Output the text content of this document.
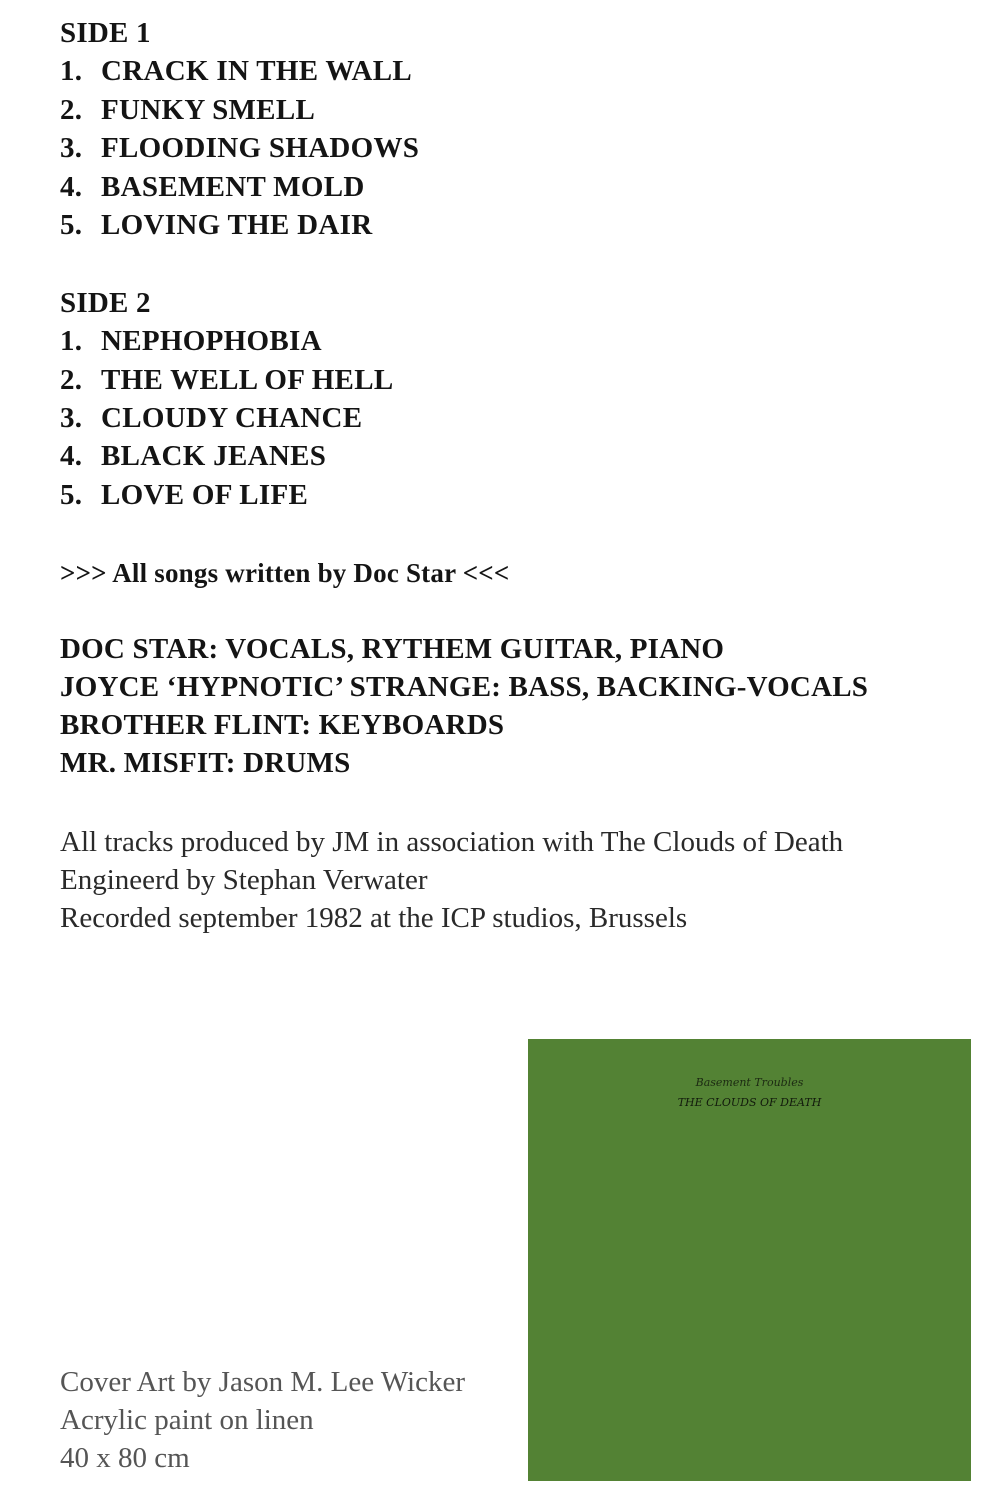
SIDE 1

1. CRACK IN THE WALL

2. FUNKY SMELL

3. FLOODING SHADOWS

4. BASEMENT MOLD

5. LOVING THE DAIR

SIDE 2

1. NEPHOPHOBIA

2. THE WELL OF HELL

3. CLOUDY CHANCE

4. BLACK JEANES

5. LOVE OF LIFE

>>> All songs written by Doc Star <<<

DOC STAR: VOCALS, RYTHEM GUITAR, PIANO

JOYCE ‘HYPNOTIC’ STRANGE: BASS, BACKING-VOCALS

BROTHER FLINT: KEYBOARDS

MR. MISFIT: DRUMS

All tracks produced by JM in association with The Clouds of Death

Engineerd by Stephan Verwater

Recorded september 1982 at the ICP studios, Brussels

Cover Art by Jason M. Lee Wicker

Acrylic paint on linen

40 x 80 cm

Basement Troubles
THE CLOUDS OF DEATH
